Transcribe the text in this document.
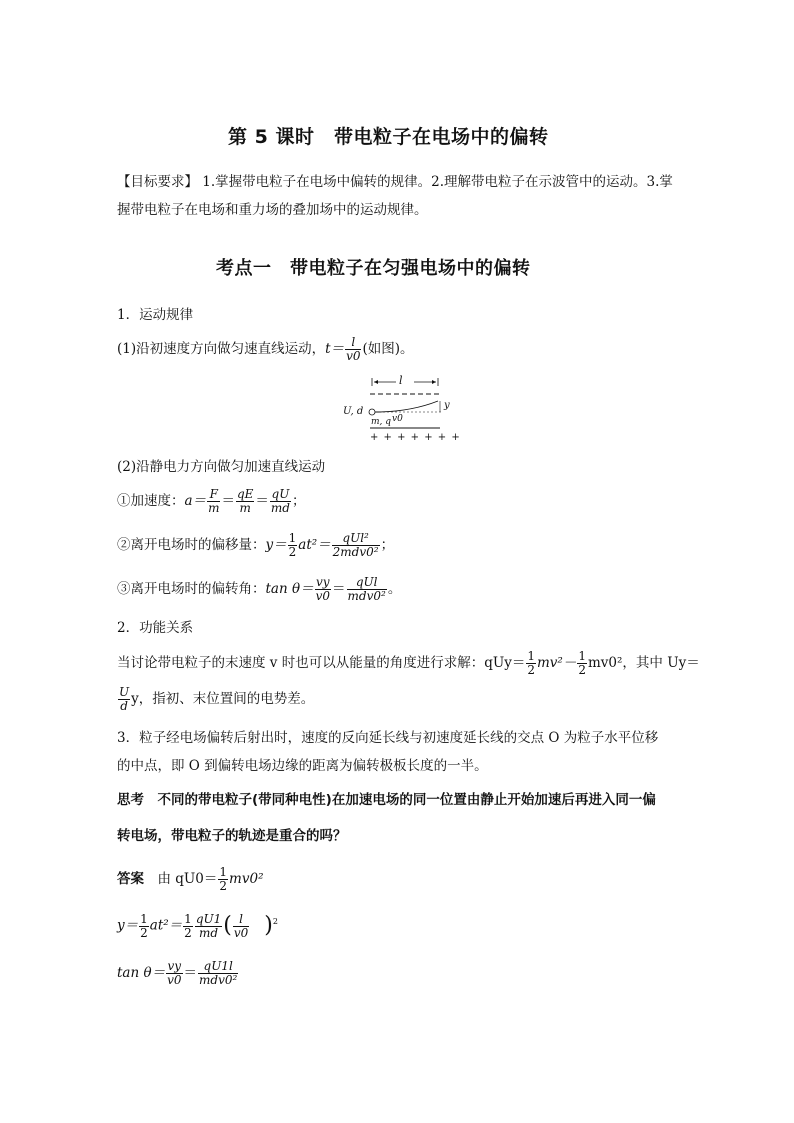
第 5 课时　带电粒子在电场中的偏转
【目标要求】 1.掌握带电粒子在电场中偏转的规律。2.理解带电粒子在示波管中的运动。3.掌
握带电粒子在电场和重力场的叠加场中的运动规律。
考点一　带电粒子在匀强电场中的偏转
1．运动规律
(1)沿初速度方向做匀速直线运动，$t= \frac{l}{v0}$ (如图)。
l
U, d
m, q v0
y
— — — — — —
+ + + + + + +
(2)沿静电力方向做匀加速直线运动
①加速度：$a= \frac{F}{m} = \frac{qE}{m} = \frac{qU}{md}$ ；
②离开电场时的偏移量：$y= \frac{1}{2} at^2= \frac{\text{qUl²}}{\text{2mdv0²}}$ ；
③离开电场时的偏转角：$\tan \theta= \frac{vy}{v0} = \frac{\text{qUl}}{\text{mdv0²}}$ 。
2．功能关系
当讨论带电粒子的末速度 v 时也可以从能量的角度进行求解：$qUy= \frac{1}{2} mv^2- \frac{1}{2} mv0^2$，其中 Uy＝
$\frac{U}{d}$ y，指初、末位置间的电势差。
3．粒子经电场偏转后射出时，速度的反向延长线与初速度延长线的交点 O 为粒子水平位移
的中点，即 O 到偏转电场边缘的距离为偏转极板长度的一半。
思考　 不同的带电粒子(带同种电性)在加速电场的同一位置由静止开始加速后再进入同一偏
转电场，带电粒子的轨迹是重合的吗？
答案　 由 $qU0= \frac{1}{2} mv0^2$
$y= \frac{1}{2} at^2= \frac{1}{2} \frac{qU1}{md}$ ( $\frac{l}{v0} )^2$
$\tan \theta= \frac{vy}{v0} = \frac{qU1l}{\text{mdv0²}}$
